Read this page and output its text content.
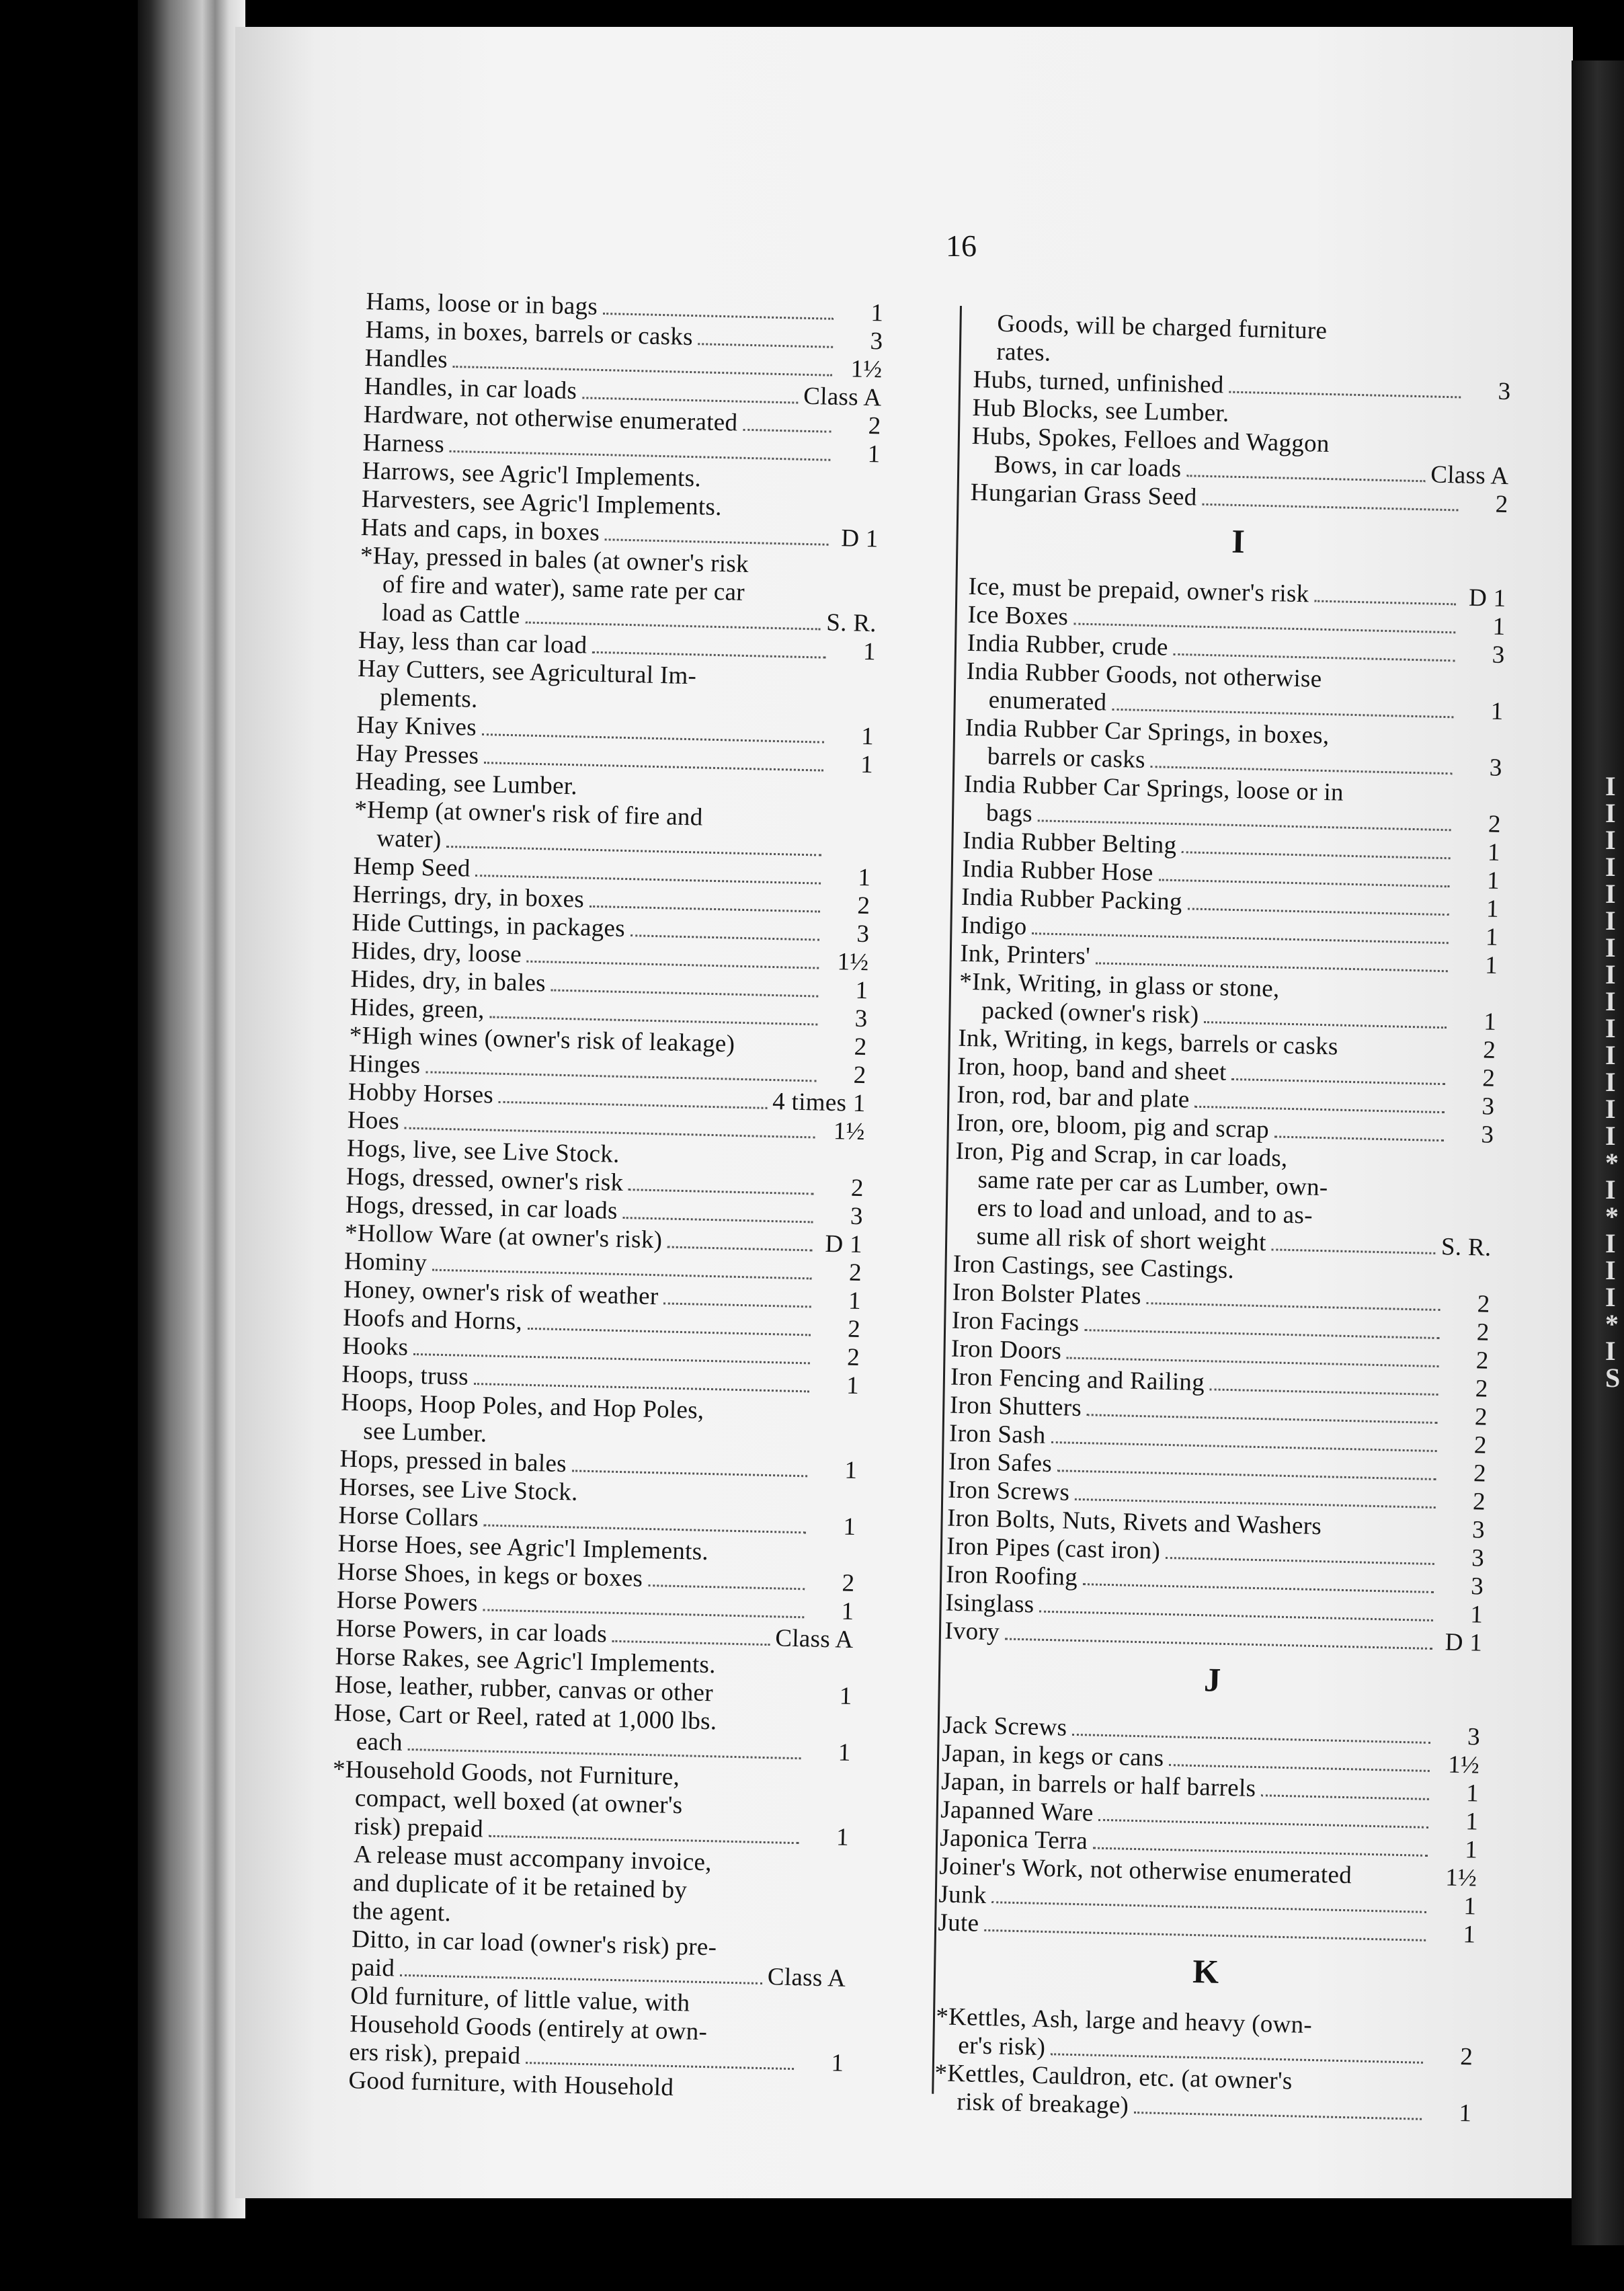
I I I I I I I I I I I I I I * I * I I I * I S
16
Hams, loose or in bags	1
Hams, in boxes, barrels or casks	3
Handles	1½
Handles, in car loads	Class A
Hardware, not otherwise enumerated	2
Harness	1
Harrows, see Agric'l Implements.
Harvesters, see Agric'l Implements.
Hats and caps, in boxes	D 1
*Hay, pressed in bales (at owner's risk
of fire and water), same rate per car
load as Cattle	S. R.
Hay, less than car load	1
Hay Cutters, see Agricultural Im-
plements.
Hay Knives	1
Hay Presses	1
Heading, see Lumber.
*Hemp (at owner's risk of fire and
water)
Hemp Seed	1
Herrings, dry, in boxes	2
Hide Cuttings, in packages	3
Hides, dry, loose	1½
Hides, dry, in bales	1
Hides, green,	3
*High wines (owner's risk of leakage)	2
Hinges	2
Hobby Horses	4 times 1
Hoes	1½
Hogs, live, see Live Stock.
Hogs, dressed, owner's risk	2
Hogs, dressed, in car loads	3
*Hollow Ware (at owner's risk)	D 1
Hominy	2
Honey, owner's risk of weather	1
Hoofs and Horns,	2
Hooks	2
Hoops, truss	1
Hoops, Hoop Poles, and Hop Poles,
see Lumber.
Hops, pressed in bales	1
Horses, see Live Stock.
Horse Collars	1
Horse Hoes, see Agric'l Implements.
Horse Shoes, in kegs or boxes	2
Horse Powers	1
Horse Powers, in car loads	Class A
Horse Rakes, see Agric'l Implements.
Hose, leather, rubber, canvas or other	1
Hose, Cart or Reel, rated at 1,000 lbs.
each	1
*Household Goods, not Furniture,
compact, well boxed (at owner's
risk) prepaid	1
A release must accompany invoice,
and duplicate of it be retained by
the agent.
Ditto, in car load (owner's risk) pre-
paid	Class A
Old furniture, of little value, with
Household Goods (entirely at own-
ers risk), prepaid	1
Good furniture, with Household
Goods, will be charged furniture
rates.
Hubs, turned, unfinished	3
Hub Blocks, see Lumber.
Hubs, Spokes, Felloes and Waggon
Bows, in car loads	Class A
Hungarian Grass Seed	2
I
Ice, must be prepaid, owner's risk	D 1
Ice Boxes	1
India Rubber, crude	3
India Rubber Goods, not otherwise
enumerated	1
India Rubber Car Springs, in boxes,
barrels or casks	3
India Rubber Car Springs, loose or in
bags	2
India Rubber Belting	1
India Rubber Hose	1
India Rubber Packing	1
Indigo	1
Ink, Printers'	1
*Ink, Writing, in glass or stone,
packed (owner's risk)	1
Ink, Writing, in kegs, barrels or casks	2
Iron, hoop, band and sheet	2
Iron, rod, bar and plate	3
Iron, ore, bloom, pig and scrap	3
Iron, Pig and Scrap, in car loads,
same rate per car as Lumber, own-
ers to load and unload, and to as-
sume all risk of short weight	S. R.
Iron Castings, see Castings.
Iron Bolster Plates	2
Iron Facings	2
Iron Doors	2
Iron Fencing and Railing	2
Iron Shutters	2
Iron Sash	2
Iron Safes	2
Iron Screws	2
Iron Bolts, Nuts, Rivets and Washers	3
Iron Pipes (cast iron)	3
Iron Roofing	3
Isinglass	1
Ivory	D 1
J
Jack Screws	3
Japan, in kegs or cans	1½
Japan, in barrels or half barrels	1
Japanned Ware	1
Japonica Terra	1
Joiner's Work, not otherwise enumerated	1½
Junk	1
Jute	1
K
*Kettles, Ash, large and heavy (own-
er's risk)	2
*Kettles, Cauldron, etc. (at owner's
risk of breakage)	1
